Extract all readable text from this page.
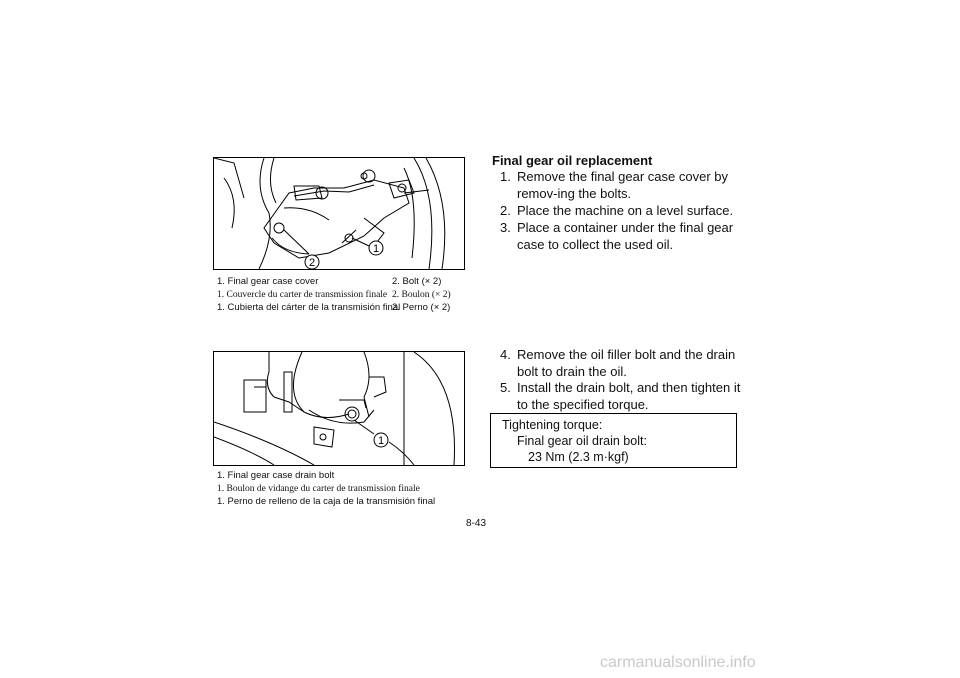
1
2
1. Final gear case cover	2. Bolt (× 2)
1. Couvercle du carter de transmission finale 2. Boulon (× 2)
1. Cubierta del cárter de la transmisión final
2. Perno (× 2)
1
1. Final gear case drain bolt
1. Boulon de vidange du carter de transmission finale
1. Perno de relleno de la caja de la transmisión final
Final gear oil replacement
1. Remove the final gear case cover by remov-ing the bolts.
2. Place the machine on a level surface.
3. Place a container under the final gear case to collect the used oil.
4. Remove the oil filler bolt and the drain bolt to drain the oil.
5. Install the drain bolt, and then tighten it to the specified torque.
Tightening torque:
Final gear oil drain bolt:
23 Nm (2.3 m·kgf)
8-43
carmanualsonline.info
